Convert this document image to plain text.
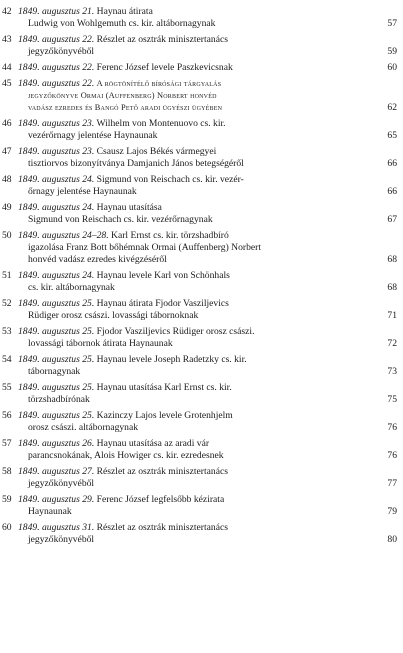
42 1849. augusztus 21. Haynau átirata
Ludwig von Wohlgemuth cs. kir. altábornagynak	57
43 1849. augusztus 22. Részlet az osztrák minisztertanács
jegyzőkönyvéből	59
44 1849. augusztus 22. Ferenc József levele Paszkevicsnak	60
45 1849. augusztus 22. A rögtönítélő bírósági tárgyalás
jegyzőkönyve Ormai (Auffenberg) Norbert honvéd
vadász ezredes és Bangó Pető aradi ügyészi ügyében	62
46 1849. augusztus 23. Wilhelm von Montenuovo cs. kir.
vezérőrnagy jelentése Haynaunak	65
47 1849. augusztus 23. Csausz Lajos Békés vármegyei
tisztiorvos bizonyítványa Damjanich János betegségéről	66
48 1849. augusztus 24. Sigmund von Reischach cs. kir. vezér-
őrnagy jelentése Haynaunak	66
49 1849. augusztus 24. Haynau utasítása
Sigmund von Reischach cs. kir. vezérőrnagynak	67
50 1849. augusztus 24–28. Karl Ernst cs. kir. törzshadbíró
igazolása Franz Bott bőhémnak Ormai (Auffenberg) Norbert
honvéd vadász ezredes kivégzéséről	68
51 1849. augusztus 24. Haynau levele Karl von Schönhals
cs. kir. altábornagynak	68
52 1849. augusztus 25. Haynau átirata Fjodor Vasziljevics
Rüdiger orosz császi. lovassági tábornoknak	71
53 1849. augusztus 25. Fjodor Vasziljevics Rüdiger orosz császi.
lovassági tábornok átirata Haynaunak	72
54 1849. augusztus 25. Haynau levele Joseph Radetzky cs. kir.
tábornagynak	73
55 1849. augusztus 25. Haynau utasítása Karl Ernst cs. kir.
törzshadbírónak	75
56 1849. augusztus 25. Kazinczy Lajos levele Grotenhjelm
orosz császi. altábornagynak	76
57 1849. augusztus 26. Haynau utasítása az aradi vár
parancsnokának, Alois Howiger cs. kir. ezredesnek	76
58 1849. augusztus 27. Részlet az osztrák minisztertanács
jegyzőkönyvéből	77
59 1849. augusztus 29. Ferenc József legfelsőbb kézirata
Haynaunak	79
60 1849. augusztus 31. Részlet az osztrák minisztertanács
jegyzőkönyvéből	80
